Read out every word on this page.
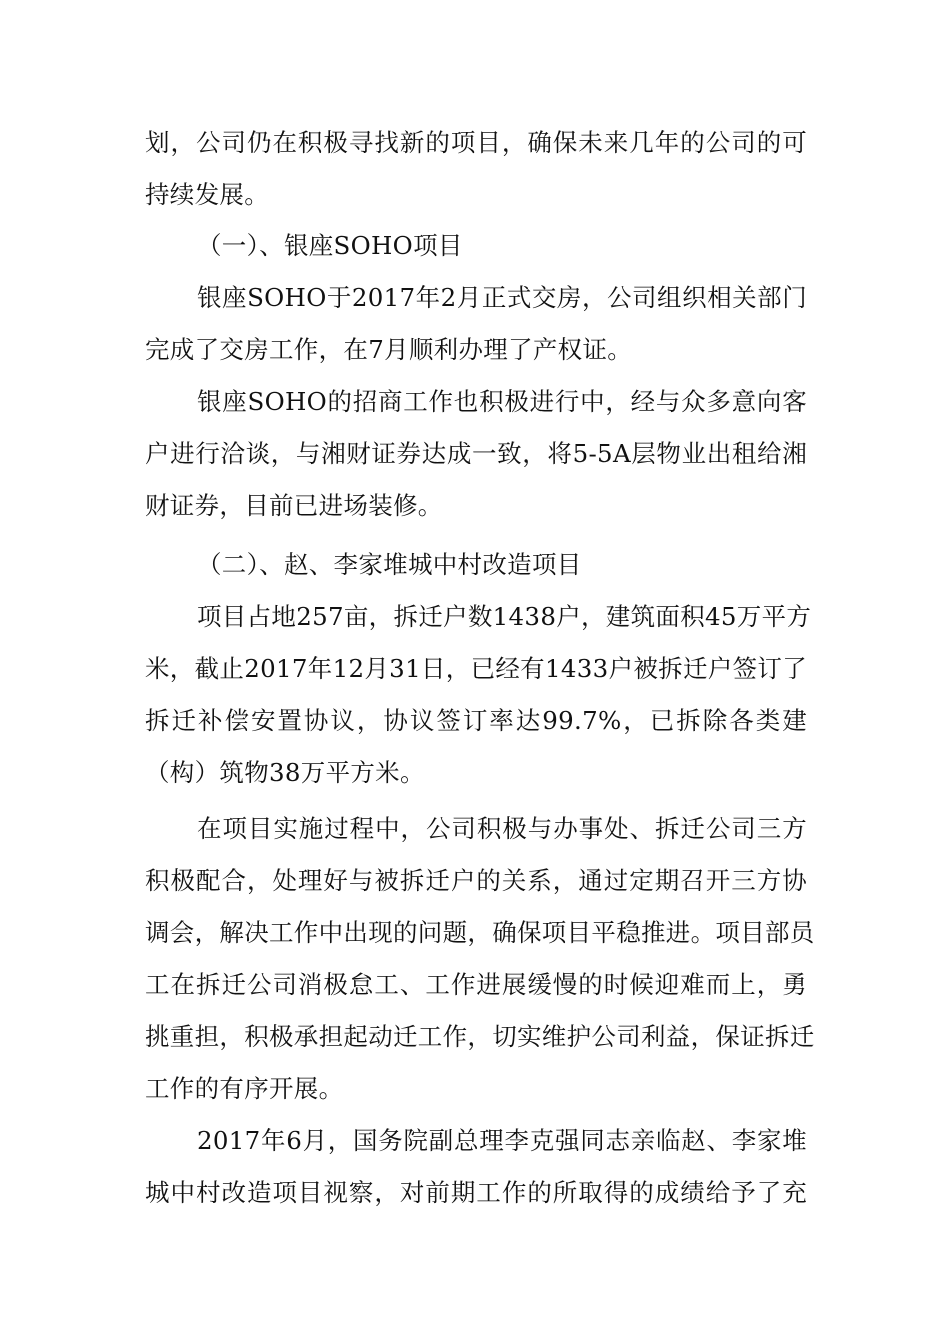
划，公司仍在积极寻找新的项目，确保未来几年的公司的可
持续发展。
（一）、银座SOHO项目
银座SOHO于2017年2月正式交房，公司组织相关部门
完成了交房工作，在7月顺利办理了产权证。
银座SOHO的招商工作也积极进行中，经与众多意向客
户进行洽谈，与湘财证券达成一致，将5-5A层物业出租给湘
财证券，目前已进场装修。
（二）、赵、李家堆城中村改造项目
项目占地257亩，拆迁户数1438户，建筑面积45万平方
米，截止2017年12月31日，已经有1433户被拆迁户签订了
拆迁补偿安置协议，协议签订率达99.7%，已拆除各类建
（构）筑物38万平方米。
在项目实施过程中，公司积极与办事处、拆迁公司三方
积极配合，处理好与被拆迁户的关系，通过定期召开三方协
调会，解决工作中出现的问题，确保项目平稳推进。项目部员
工在拆迁公司消极怠工、工作进展缓慢的时候迎难而上，勇
挑重担，积极承担起动迁工作，切实维护公司利益，保证拆迁
工作的有序开展。
2017年6月，国务院副总理李克强同志亲临赵、李家堆
城中村改造项目视察，对前期工作的所取得的成绩给予了充
